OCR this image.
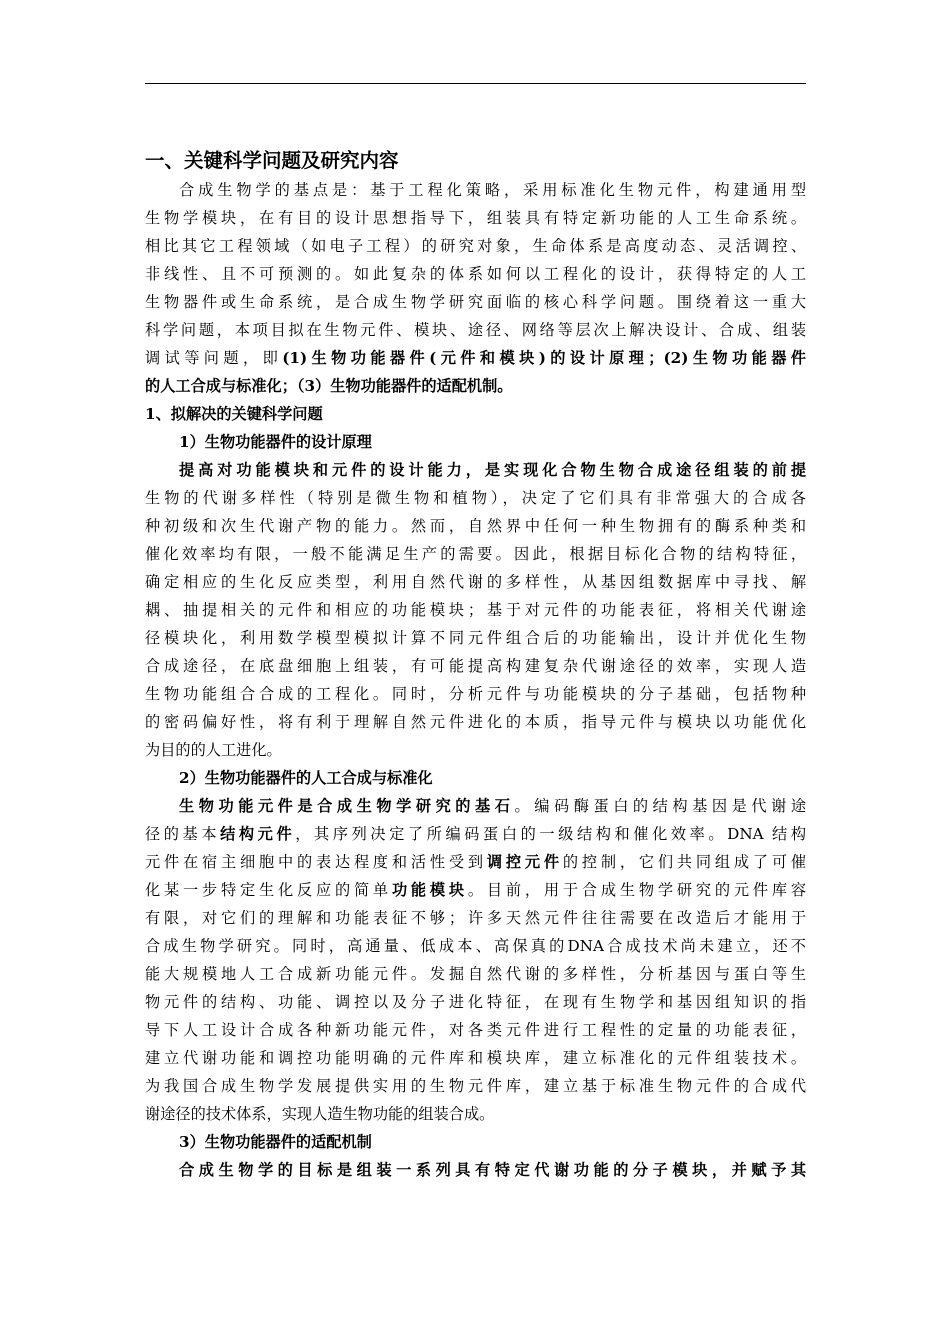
一、关键科学问题及研究内容
合成生物学的基点是：基于工程化策略，采用标准化生物元件，构建通用型
生物学模块，在有目的设计思想指导下，组装具有特定新功能的人工生命系统。
相比其它工程领域（如电子工程）的研究对象，生命体系是高度动态、灵活调控、
非线性、且不可预测的。如此复杂的体系如何以工程化的设计，获得特定的人工
生物器件或生命系统，是合成生物学研究面临的核心科学问题。围绕着这一重大
科学问题，本项目拟在生物元件、模块、途径、网络等层次上解决设计、合成、组装
调试等问题，即(1)生物功能器件(元件和模块)的设计原理；(2)生物功能器件
的人工合成与标准化；（3）生物功能器件的适配机制。
1、拟解决的关键科学问题
1）生物功能器件的设计原理
提高对功能模块和元件的设计能力，是实现化合物生物合成途径组装的前提
生物的代谢多样性（特别是微生物和植物），决定了它们具有非常强大的合成各
种初级和次生代谢产物的能力。然而，自然界中任何一种生物拥有的酶系种类和
催化效率均有限，一般不能满足生产的需要。因此，根据目标化合物的结构特征，
确定相应的生化反应类型，利用自然代谢的多样性，从基因组数据库中寻找、解
耦、抽提相关的元件和相应的功能模块；基于对元件的功能表征，将相关代谢途
径模块化，利用数学模型模拟计算不同元件组合后的功能输出，设计并优化生物
合成途径，在底盘细胞上组装，有可能提高构建复杂代谢途径的效率，实现人造
生物功能组合合成的工程化。同时，分析元件与功能模块的分子基础，包括物种
的密码偏好性，将有利于理解自然元件进化的本质，指导元件与模块以功能优化
为目的的人工进化。
2）生物功能器件的人工合成与标准化
生物功能元件是合成生物学研究的基石。编码酶蛋白的结构基因是代谢途
径的基本结构元件，其序列决定了所编码蛋白的一级结构和催化效率。DNA 结构
元件在宿主细胞中的表达程度和活性受到调控元件的控制，它们共同组成了可催
化某一步特定生化反应的简单功能模块。目前，用于合成生物学研究的元件库容
有限，对它们的理解和功能表征不够；许多天然元件往往需要在改造后才能用于
合成生物学研究。同时，高通量、低成本、高保真的DNA合成技术尚未建立，还不
能大规模地人工合成新功能元件。发掘自然代谢的多样性，分析基因与蛋白等生
物元件的结构、功能、调控以及分子进化特征，在现有生物学和基因组知识的指
导下人工设计合成各种新功能元件，对各类元件进行工程性的定量的功能表征，
建立代谢功能和调控功能明确的元件库和模块库，建立标准化的元件组装技术。
为我国合成生物学发展提供实用的生物元件库，建立基于标准生物元件的合成代
谢途径的技术体系，实现人造生物功能的组装合成。
3）生物功能器件的适配机制
合成生物学的目标是组装一系列具有特定代谢功能的分子模块，并赋予其
